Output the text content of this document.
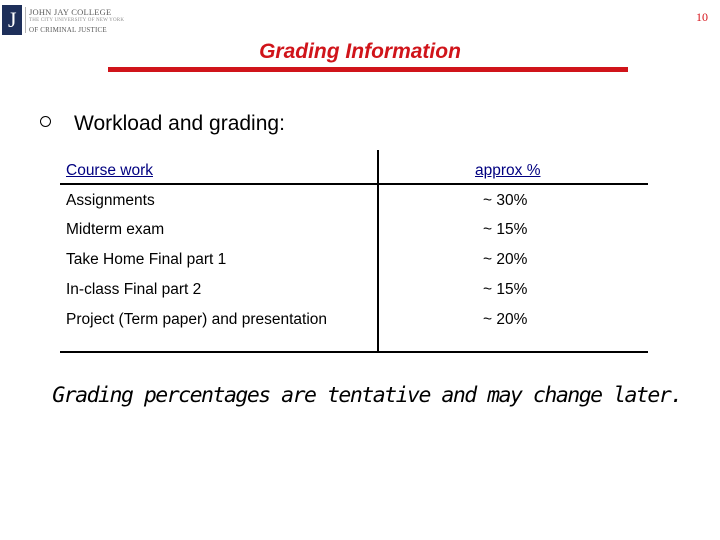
J JOHN JAY COLLEGE
THE CITY UNIVERSITY OF NEW YORK
OF CRIMINAL JUSTICE
10
Grading Information
Workload and grading:
Course work	approx %
Assignments	~ 30%
Midterm exam	~ 15%
Take Home Final part 1	~ 20%
In-class Final part 2	~ 15%
Project (Term paper) and presentation	~ 20%
Grading percentages are tentative and may change later.
